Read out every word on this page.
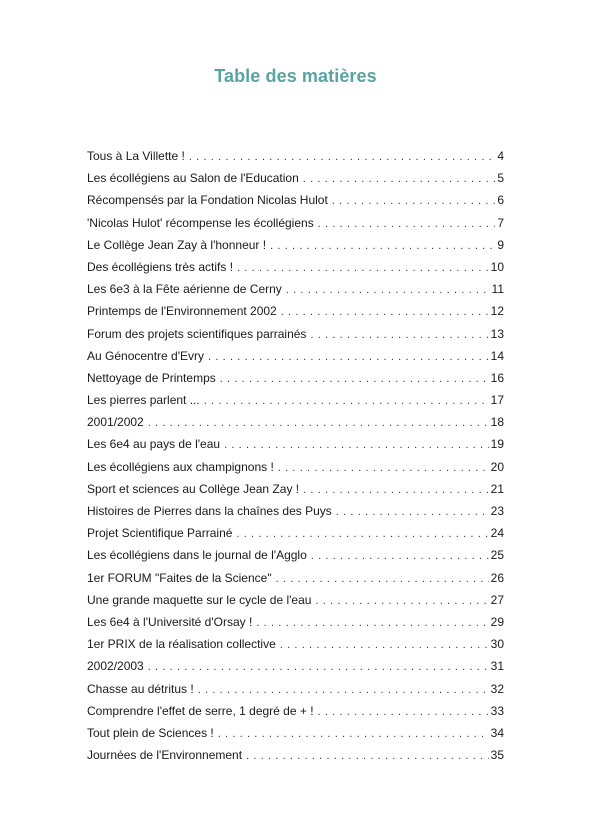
Table des matières
Tous à La Villette ! . . .	4
Les écollégiens au Salon de l'Education . . .	5
Récompensés par la Fondation Nicolas Hulot . . .	6
'Nicolas Hulot' récompense les écollégiens . . .	7
Le Collège Jean Zay à l'honneur ! . . .	9
Des écollégiens très actifs ! . . .	10
Les 6e3 à la Fête aérienne de Cerny . . .	11
Printemps de l'Environnement 2002 . . .	12
Forum des projets scientifiques parrainés . . .	13
Au Génocentre d'Evry . . .	14
Nettoyage de Printemps . . .	16
Les pierres parlent ... . . .	17
2001/2002 . . .	18
Les 6e4 au pays de l'eau . . .	19
Les écollégiens aux champignons ! . . .	20
Sport et sciences au Collège Jean Zay ! . . .	21
Histoires de Pierres dans la chaînes des Puys . . .	23
Projet Scientifique Parrainé . . .	24
Les écollégiens dans le journal de l'Agglo . . .	25
1er FORUM "Faites de la Science" . . .	26
Une grande maquette sur le cycle de l'eau . . .	27
Les 6e4 à l'Université d'Orsay ! . . .	29
1er PRIX de la réalisation collective . . .	30
2002/2003 . . .	31
Chasse au détritus ! . . .	32
Comprendre l'effet de serre, 1 degré de + ! . . .	33
Tout plein de Sciences ! . . .	34
Journées de l'Environnement . . .	35
